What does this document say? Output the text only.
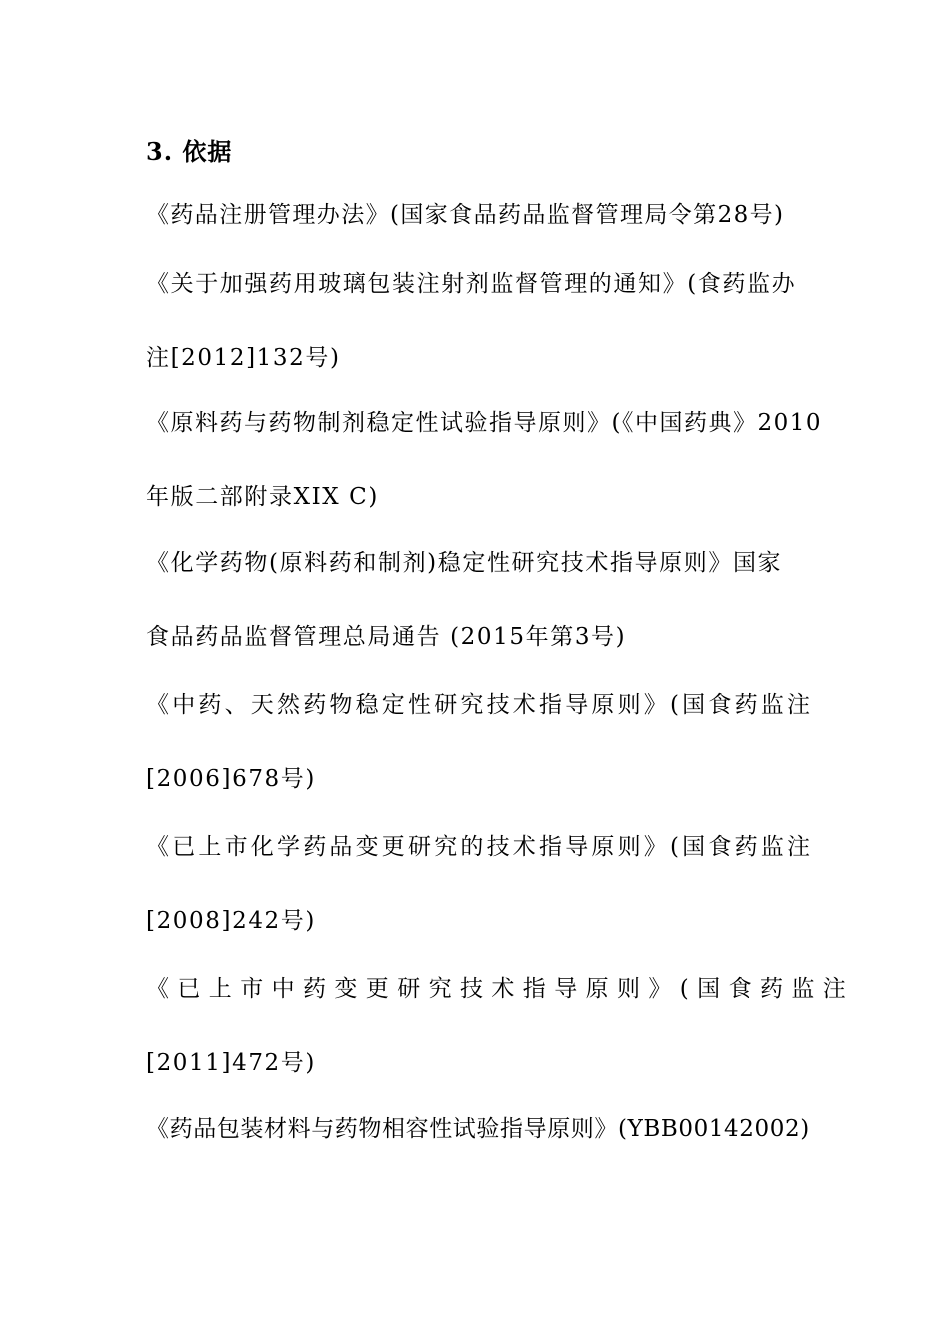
3. 依据
《药品注册管理办法》(国家食品药品监督管理局令第28号)
《关于加强药用玻璃包装注射剂监督管理的通知》(食药监办
注[2012]132号)
《原料药与药物制剂稳定性试验指导原则》(《中国药典》2010
年版二部附录XIX C)
《化学药物(原料药和制剂)稳定性研究技术指导原则》国家
食品药品监督管理总局通告 (2015年第3号)
《中药、天然药物稳定性研究技术指导原则》(国食药监注
[2006]678号)
《已上市化学药品变更研究的技术指导原则》(国食药监注
[2008]242号)
《已上市中药变更研究技术指导原则》(国食药监注
[2011]472号)
《药品包装材料与药物相容性试验指导原则》(YBB00142002)
